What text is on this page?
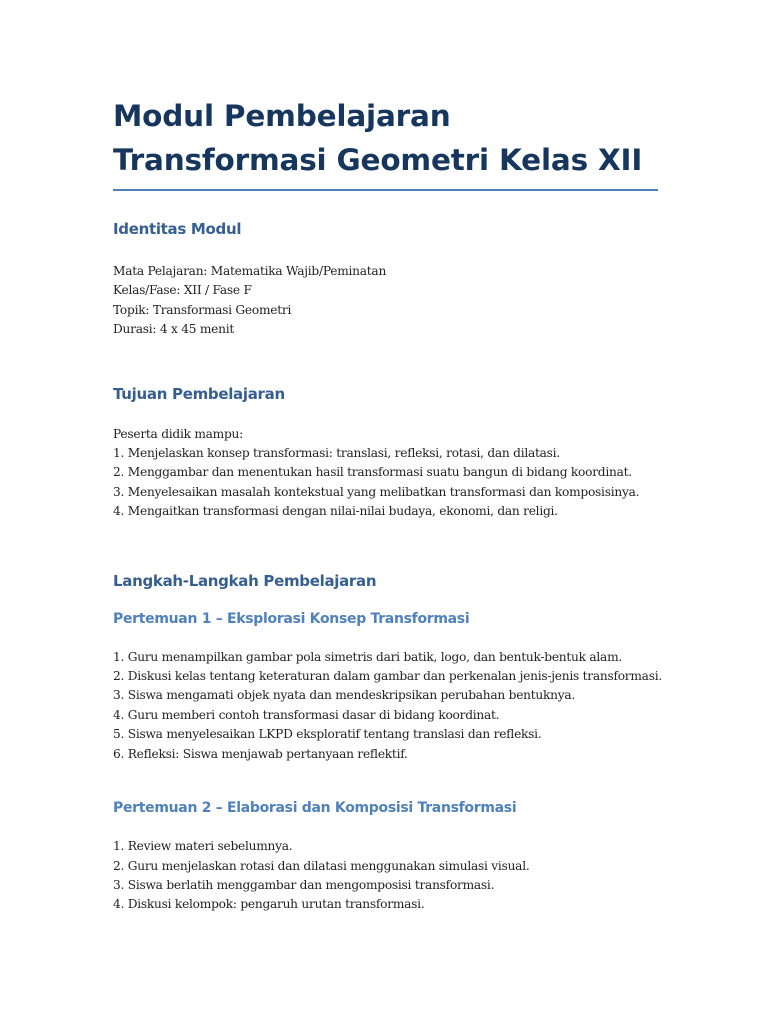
Modul Pembelajaran Transformasi Geometri Kelas XII
Identitas Modul

Mata Pelajaran: Matematika Wajib/Peminatan
Kelas/Fase: XII / Fase F
Topik: Transformasi Geometri
Durasi: 4 x 45 menit

Tujuan Pembelajaran

Peserta didik mampu:
1. Menjelaskan konsep transformasi: translasi, refleksi, rotasi, dan dilatasi.
2. Menggambar dan menentukan hasil transformasi suatu bangun di bidang koordinat.
3. Menyelesaikan masalah kontekstual yang melibatkan transformasi dan komposisinya.
4. Mengaitkan transformasi dengan nilai-nilai budaya, ekonomi, dan religi.

Langkah-Langkah Pembelajaran
Pertemuan 1 – Eksplorasi Konsep Transformasi

1. Guru menampilkan gambar pola simetris dari batik, logo, dan bentuk-bentuk alam.
2. Diskusi kelas tentang keteraturan dalam gambar dan perkenalan jenis-jenis transformasi.
3. Siswa mengamati objek nyata dan mendeskripsikan perubahan bentuknya.
4. Guru memberi contoh transformasi dasar di bidang koordinat.
5. Siswa menyelesaikan LKPD eksploratif tentang translasi dan refleksi.
6. Refleksi: Siswa menjawab pertanyaan reflektif.

Pertemuan 2 – Elaborasi dan Komposisi Transformasi

1. Review materi sebelumnya.
2. Guru menjelaskan rotasi dan dilatasi menggunakan simulasi visual.
3. Siswa berlatih menggambar dan mengomposisi transformasi.
4. Diskusi kelompok: pengaruh urutan transformasi.
